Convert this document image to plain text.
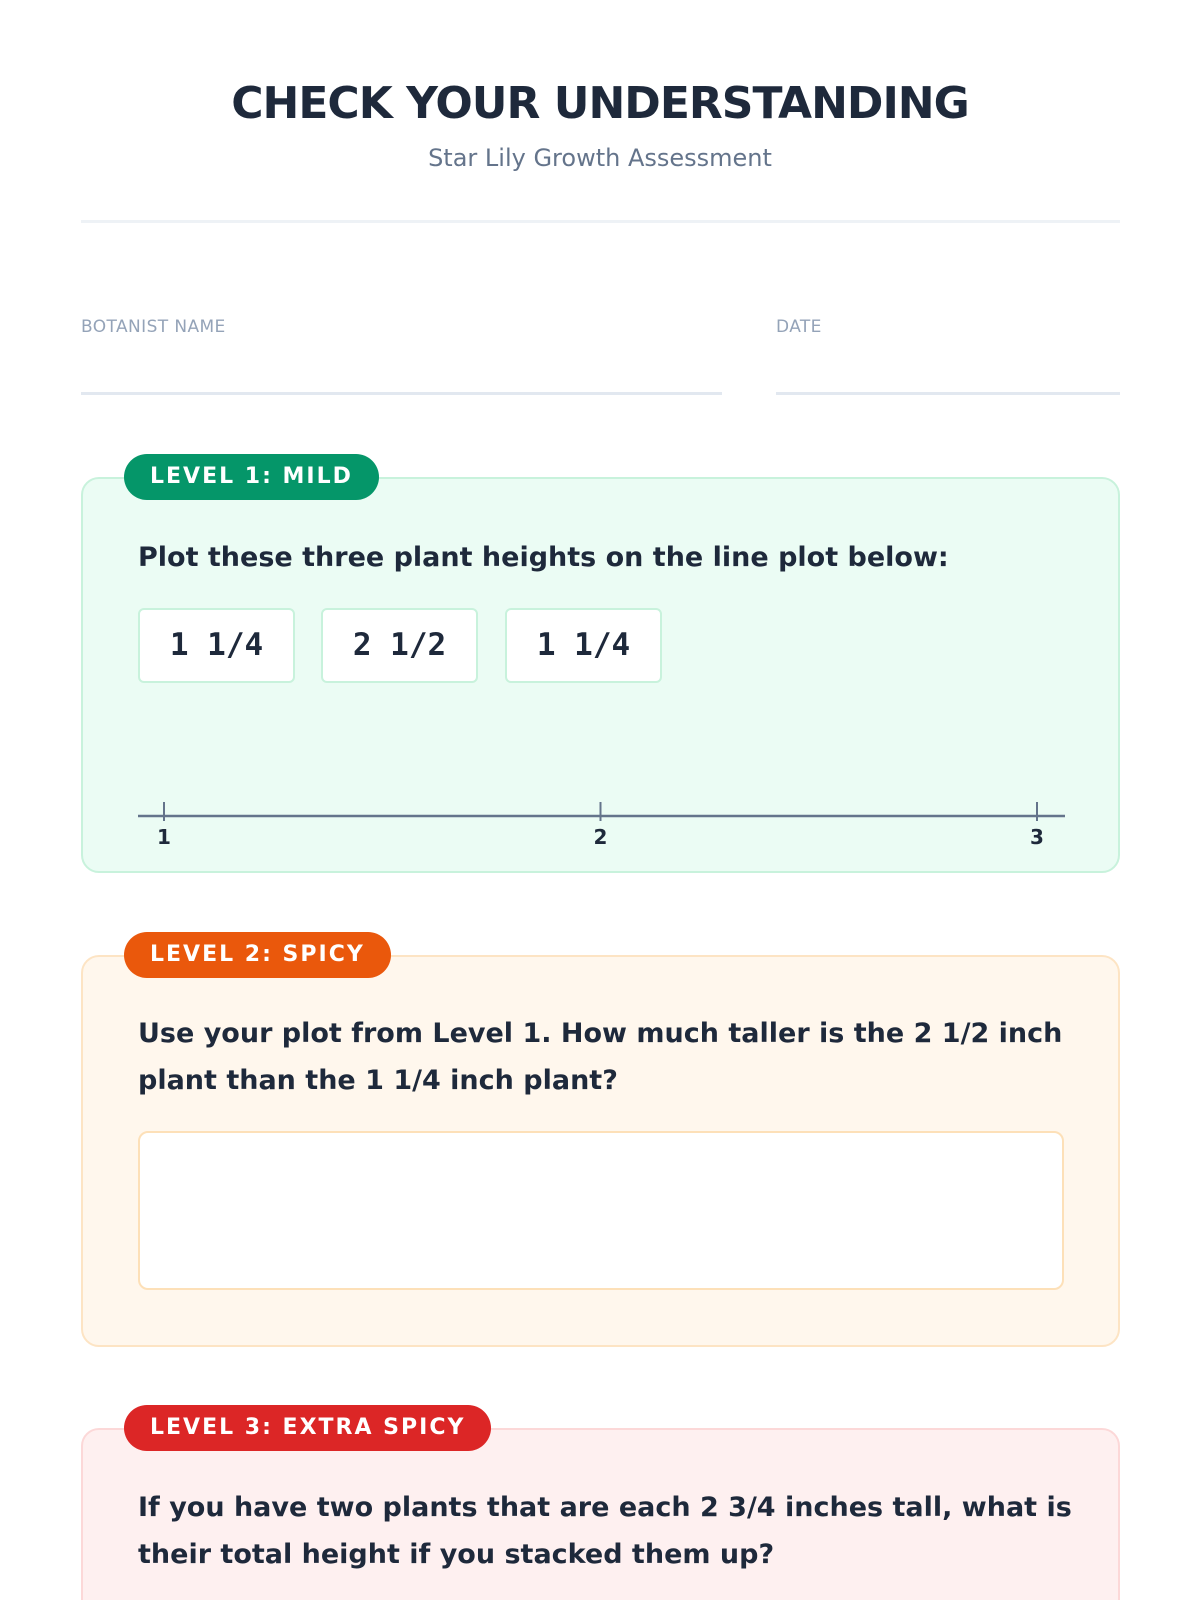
CHECK YOUR UNDERSTANDING
Star Lily Growth Assessment
BOTANIST NAME	DATE
LEVEL 1: MILD

Plot these three plant heights on the line plot below:

1 1/4	2 1/2	1 1/4
1	2	3
LEVEL 2: SPICY

Use your plot from Level 1. How much taller is the 2 1/2 inch plant than the 1 1/4 inch plant?

LEVEL 3: EXTRA SPICY

If you have two plants that are each 2 3/4 inches tall, what is their total height if you stacked them up?
